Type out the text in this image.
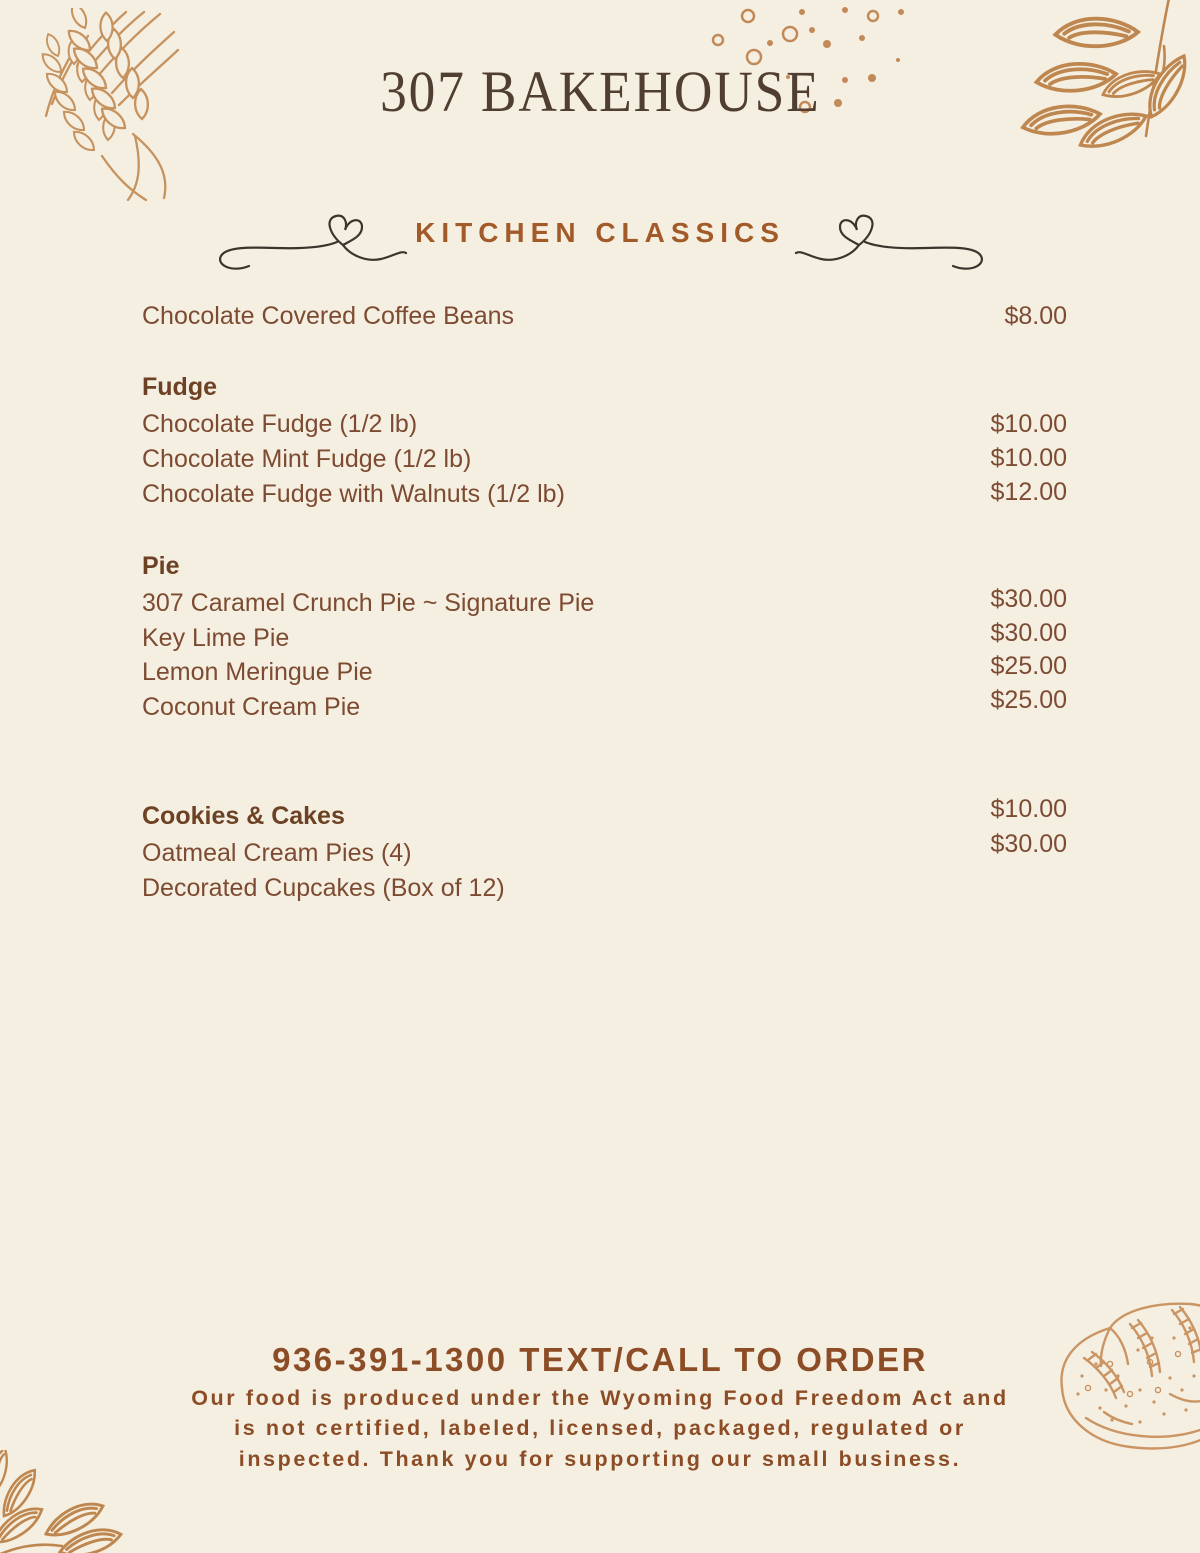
307 BAKEHOUSE
KITCHEN CLASSICS
Chocolate Covered Coffee Beans	$8.00
Fudge
Chocolate Fudge (1/2 lb)
Chocolate Mint Fudge (1/2 lb)
Chocolate Fudge with Walnuts (1/2 lb)
$10.00
$10.00
$12.00
Pie
307 Caramel Crunch Pie ~ Signature Pie
Key Lime Pie
Lemon Meringue Pie
Coconut Cream Pie
$30.00
$30.00
$25.00
$25.00
Cookies & Cakes
Oatmeal Cream Pies (4)
Decorated Cupcakes (Box of 12)
$10.00
$30.00
936-391-1300 TEXT/CALL TO ORDER
Our food is produced under the Wyoming Food Freedom Act and
is not certified, labeled, licensed, packaged, regulated or
inspected. Thank you for supporting our small business.
